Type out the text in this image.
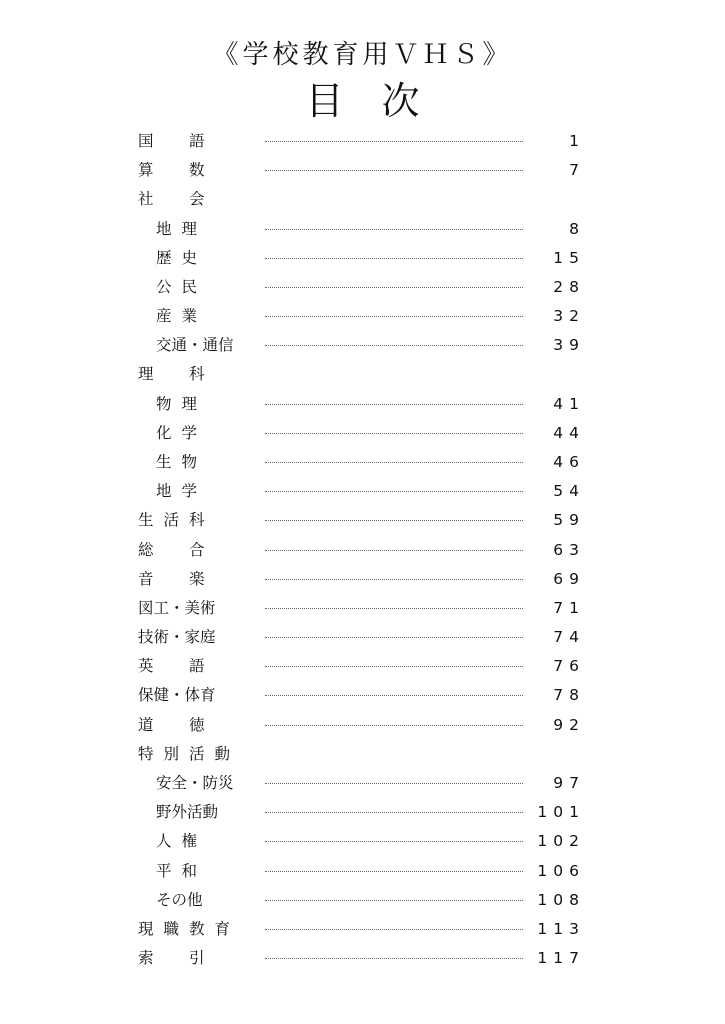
《学校教育用ＶＨＳ》
目　次
国　語	1
算　数	7
社　会
地理	8
歴史	15
公民	28
産業	32
交通・通信	39
理　科
物理	41
化学	44
生物	46
地学	54
生活科	59
総　合	63
音　楽	69
図工・美術	71
技術・家庭	74
英　語	76
保健・体育	78
道　徳	92
特別活動
安全・防災	97
野外活動	101
人権	102
平和	106
その他	108
現職教育	113
索　引	117
